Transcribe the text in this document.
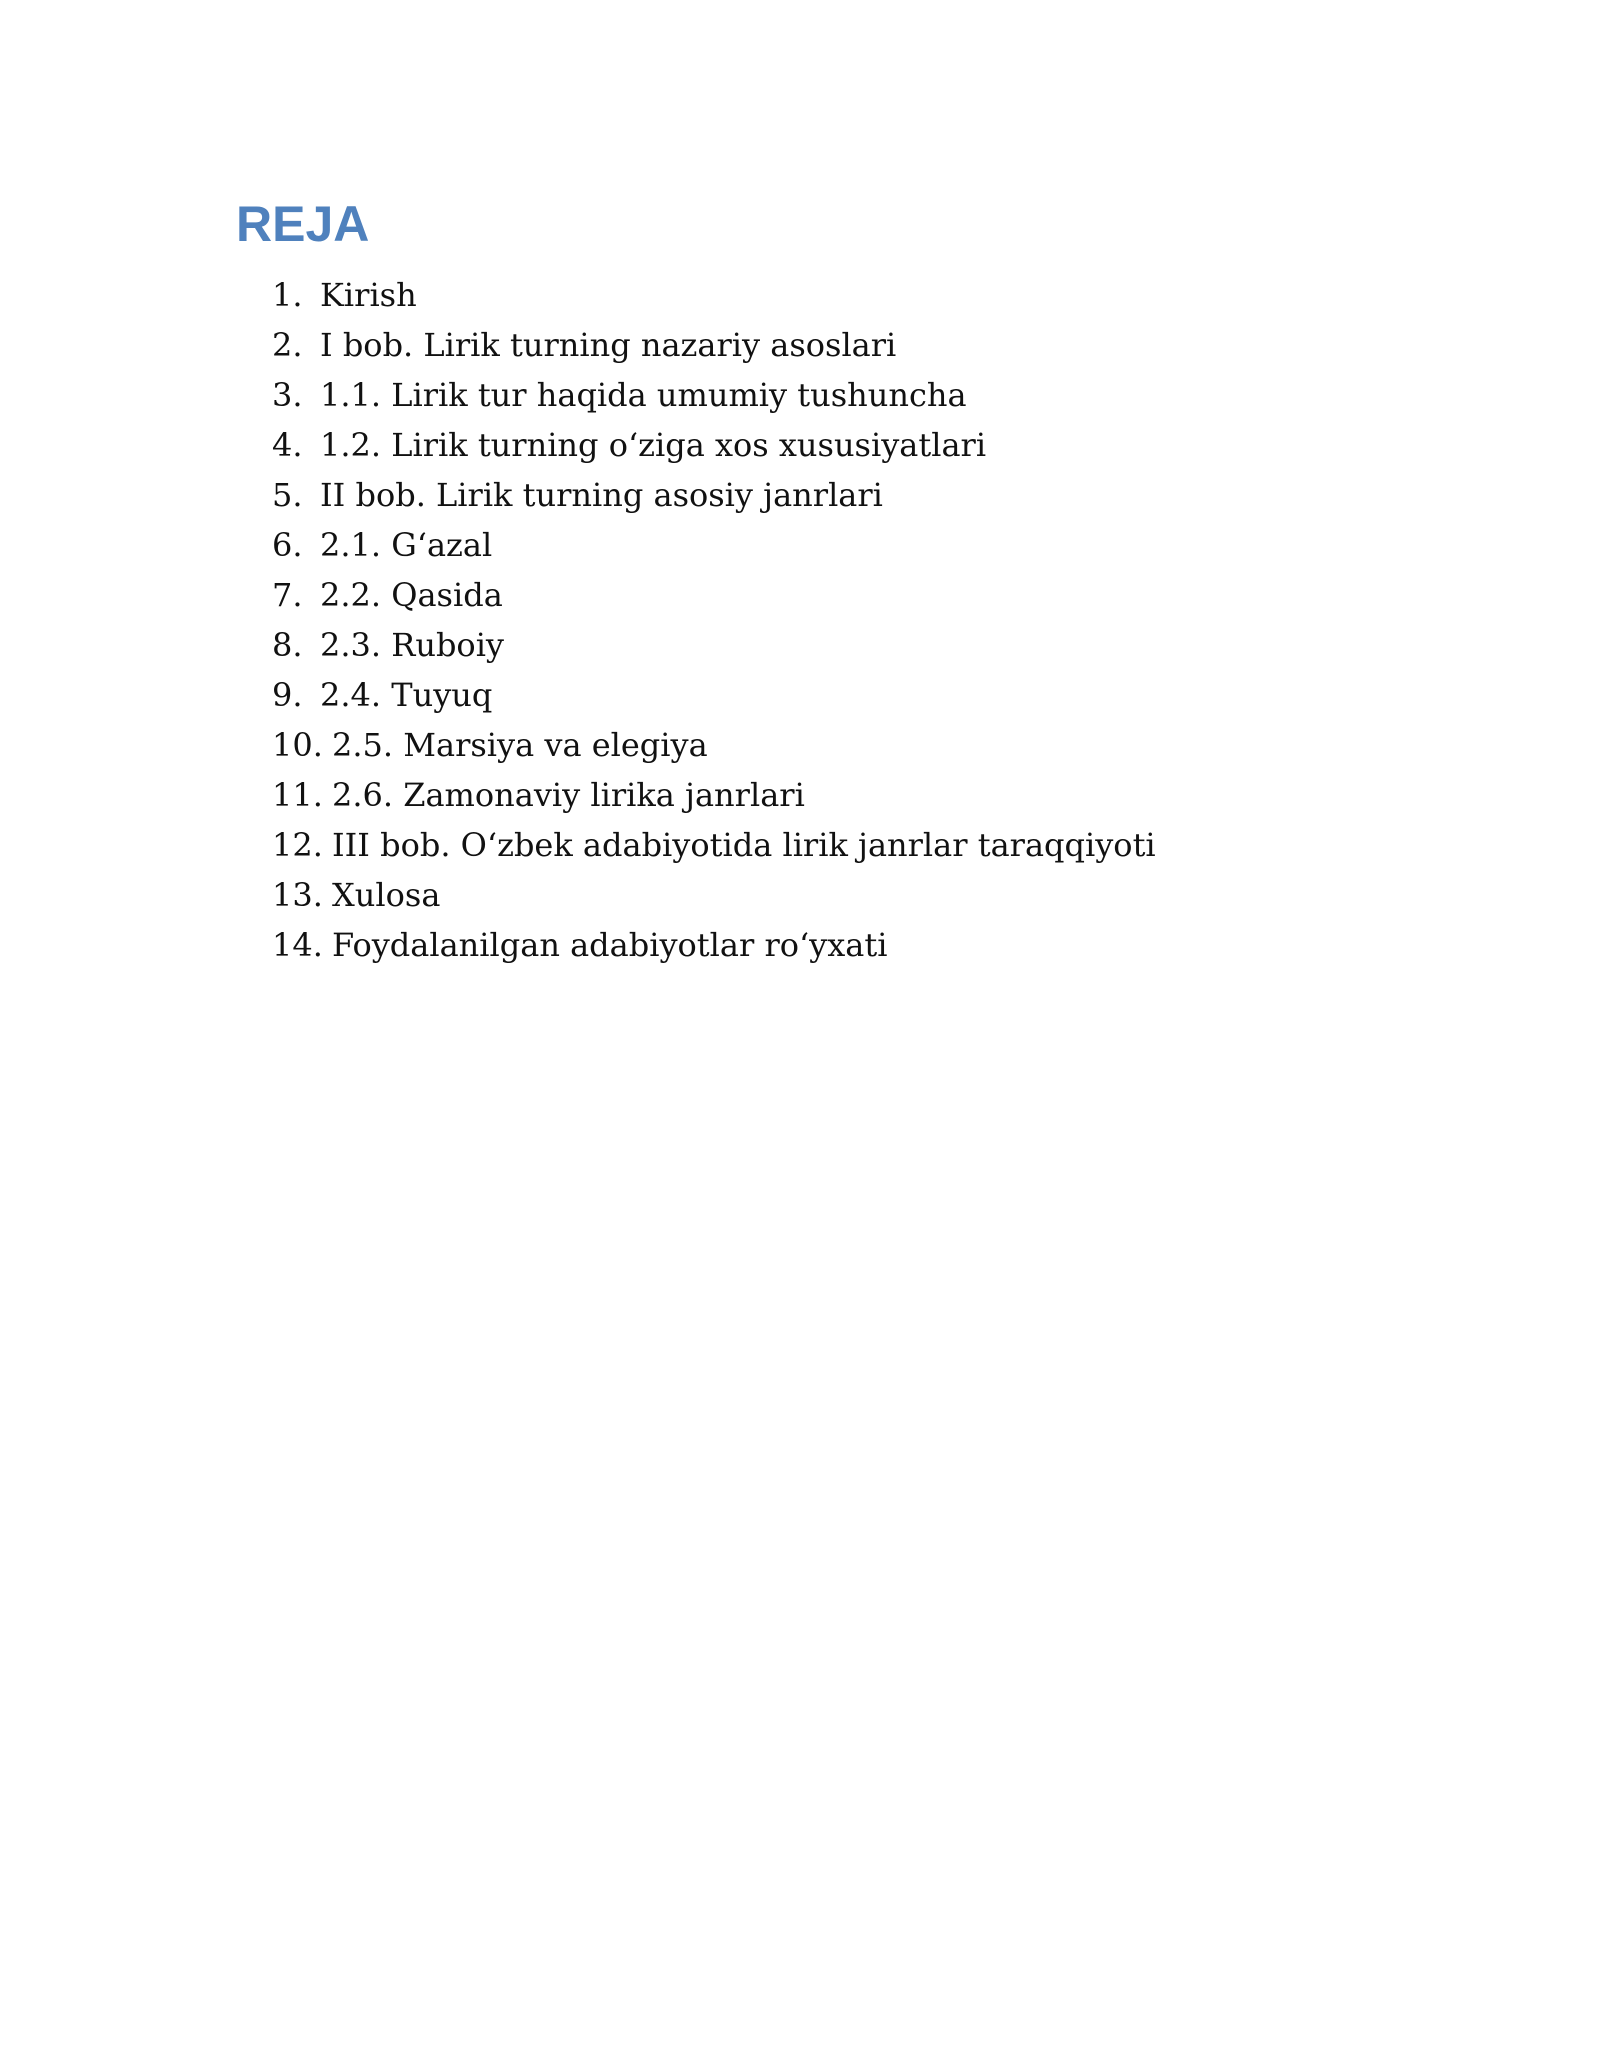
REJA
1. Kirish
2. I bob. Lirik turning nazariy asoslari
3. 1.1. Lirik tur haqida umumiy tushuncha
4. 1.2. Lirik turning o‘ziga xos xususiyatlari
5. II bob. Lirik turning asosiy janrlari
6. 2.1. G‘azal
7. 2.2. Qasida
8. 2.3. Ruboiy
9. 2.4. Tuyuq
10. 2.5. Marsiya va elegiya
11. 2.6. Zamonaviy lirika janrlari
12. III bob. O‘zbek adabiyotida lirik janrlar taraqqiyoti
13. Xulosa
14. Foydalanilgan adabiyotlar ro‘yxati
